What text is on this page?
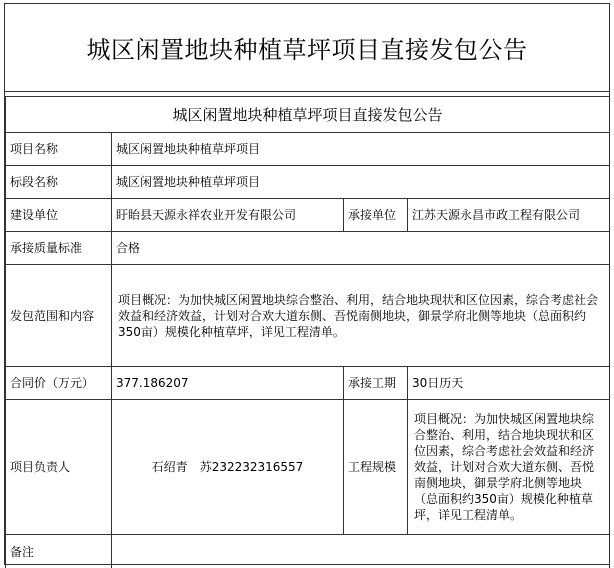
城区闲置地块种植草坪项目直接发包公告
城区闲置地块种植草坪项目直接发包公告			
项目名称	城区闲置地块种植草坪项目		
标段名称	城区闲置地块种植草坪项目		
建设单位	盱眙县天源永祥农业开发有限公司	承接单位	江苏天源永昌市政工程有限公司
承接质量标准	合格		
发包范围和内容	项目概况：为加快城区闲置地块综合整治、利用，结合地块现状和区位因素，综合考虑社会效益和经济效益，计划对合欢大道东侧、吾悦南侧地块，御景学府北侧等地块（总面积约350亩）规模化种植草坪，详见工程清单。		
合同价（万元）	377.186207	承接工期	30日历天
项目负责人	石绍青 苏232232316557	工程规模	项目概况：为加快城区闲置地块综合整治、利用，结合地块现状和区位因素，综合考虑社会效益和经济效益，计划对合欢大道东侧、吾悦南侧地块，御景学府北侧等地块（总面积约350亩）规模化种植草坪，详见工程清单。
备注			
